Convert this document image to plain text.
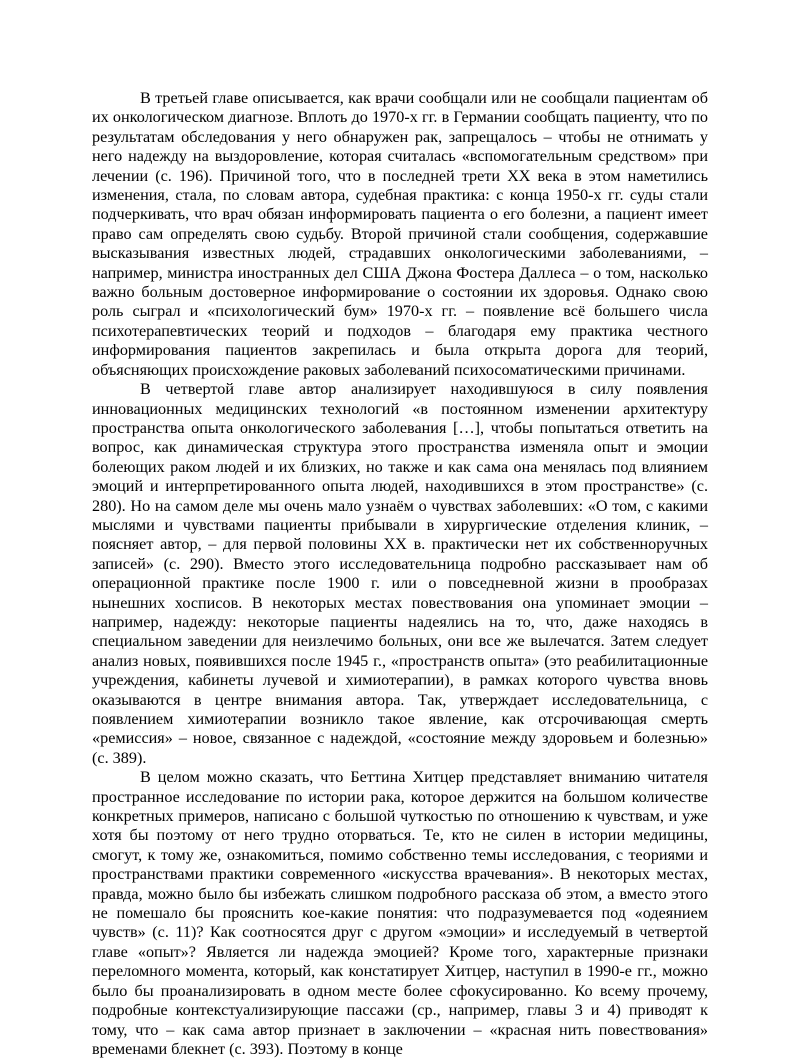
В третьей главе описывается, как врачи сообщали или не сообщали пациентам об их онкологическом диагнозе. Вплоть до 1970-х гг. в Германии сообщать пациенту, что по результатам обследования у него обнаружен рак, запрещалось – чтобы не отнимать у него надежду на выздоровление, которая считалась «вспомогательным средством» при лечении (с. 196). Причиной того, что в последней трети ХХ века в этом наметились изменения, стала, по словам автора, судебная практика: с конца 1950-х гг. суды стали подчеркивать, что врач обязан информировать пациента о его болезни, а пациент имеет право сам определять свою судьбу. Второй причиной стали сообщения, содержавшие высказывания известных людей, страдавших онкологическими заболеваниями, – например, министра иностранных дел США Джона Фостера Даллеса – о том, насколько важно больным достоверное информирование о состоянии их здоровья. Однако свою роль сыграл и «психологический бум» 1970-х гг. – появление всё большего числа психотерапевтических теорий и подходов – благодаря ему практика честного информирования пациентов закрепилась и была открыта дорога для теорий, объясняющих происхождение раковых заболеваний психосоматическими причинами.

В четвертой главе автор анализирует находившуюся в силу появления инновационных медицинских технологий «в постоянном изменении архитектуру пространства опыта онкологического заболевания […], чтобы попытаться ответить на вопрос, как динамическая структура этого пространства изменяла опыт и эмоции болеющих раком людей и их близких, но также и как сама она менялась под влиянием эмоций и интерпретированного опыта людей, находившихся в этом пространстве» (с. 280). Но на самом деле мы очень мало узнаём о чувствах заболевших: «О том, с какими мыслями и чувствами пациенты прибывали в хирургические отделения клиник, – поясняет автор, – для первой половины ХХ в. практически нет их собственноручных записей» (с. 290). Вместо этого исследовательница подробно рассказывает нам об операционной практике после 1900 г. или о повседневной жизни в прообразах нынешних хосписов. В некоторых местах повествования она упоминает эмоции – например, надежду: некоторые пациенты надеялись на то, что, даже находясь в специальном заведении для неизлечимо больных, они все же вылечатся. Затем следует анализ новых, появившихся после 1945 г., «пространств опыта» (это реабилитационные учреждения, кабинеты лучевой и химиотерапии), в рамках которого чувства вновь оказываются в центре внимания автора. Так, утверждает исследовательница, с появлением химиотерапии возникло такое явление, как отсрочивающая смерть «ремиссия» – новое, связанное с надеждой, «состояние между здоровьем и болезнью» (с. 389).

В целом можно сказать, что Беттина Хитцер представляет вниманию читателя пространное исследование по истории рака, которое держится на большом количестве конкретных примеров, написано с большой чуткостью по отношению к чувствам, и уже хотя бы поэтому от него трудно оторваться. Те, кто не силен в истории медицины, смогут, к тому же, ознакомиться, помимо собственно темы исследования, с теориями и пространствами практики современного «искусства врачевания». В некоторых местах, правда, можно было бы избежать слишком подробного рассказа об этом, а вместо этого не помешало бы прояснить кое-какие понятия: что подразумевается под «одеянием чувств» (с. 11)? Как соотносятся друг с другом «эмоции» и исследуемый в четвертой главе «опыт»? Является ли надежда эмоцией? Кроме того, характерные признаки переломного момента, который, как констатирует Хитцер, наступил в 1990-е гг., можно было бы проанализировать в одном месте более сфокусированно. Ко всему прочему, подробные контекстуализирующие пассажи (ср., например, главы 3 и 4) приводят к тому, что – как сама автор признает в заключении – «красная нить повествования» временами блекнет (с. 393). Поэтому в конце
